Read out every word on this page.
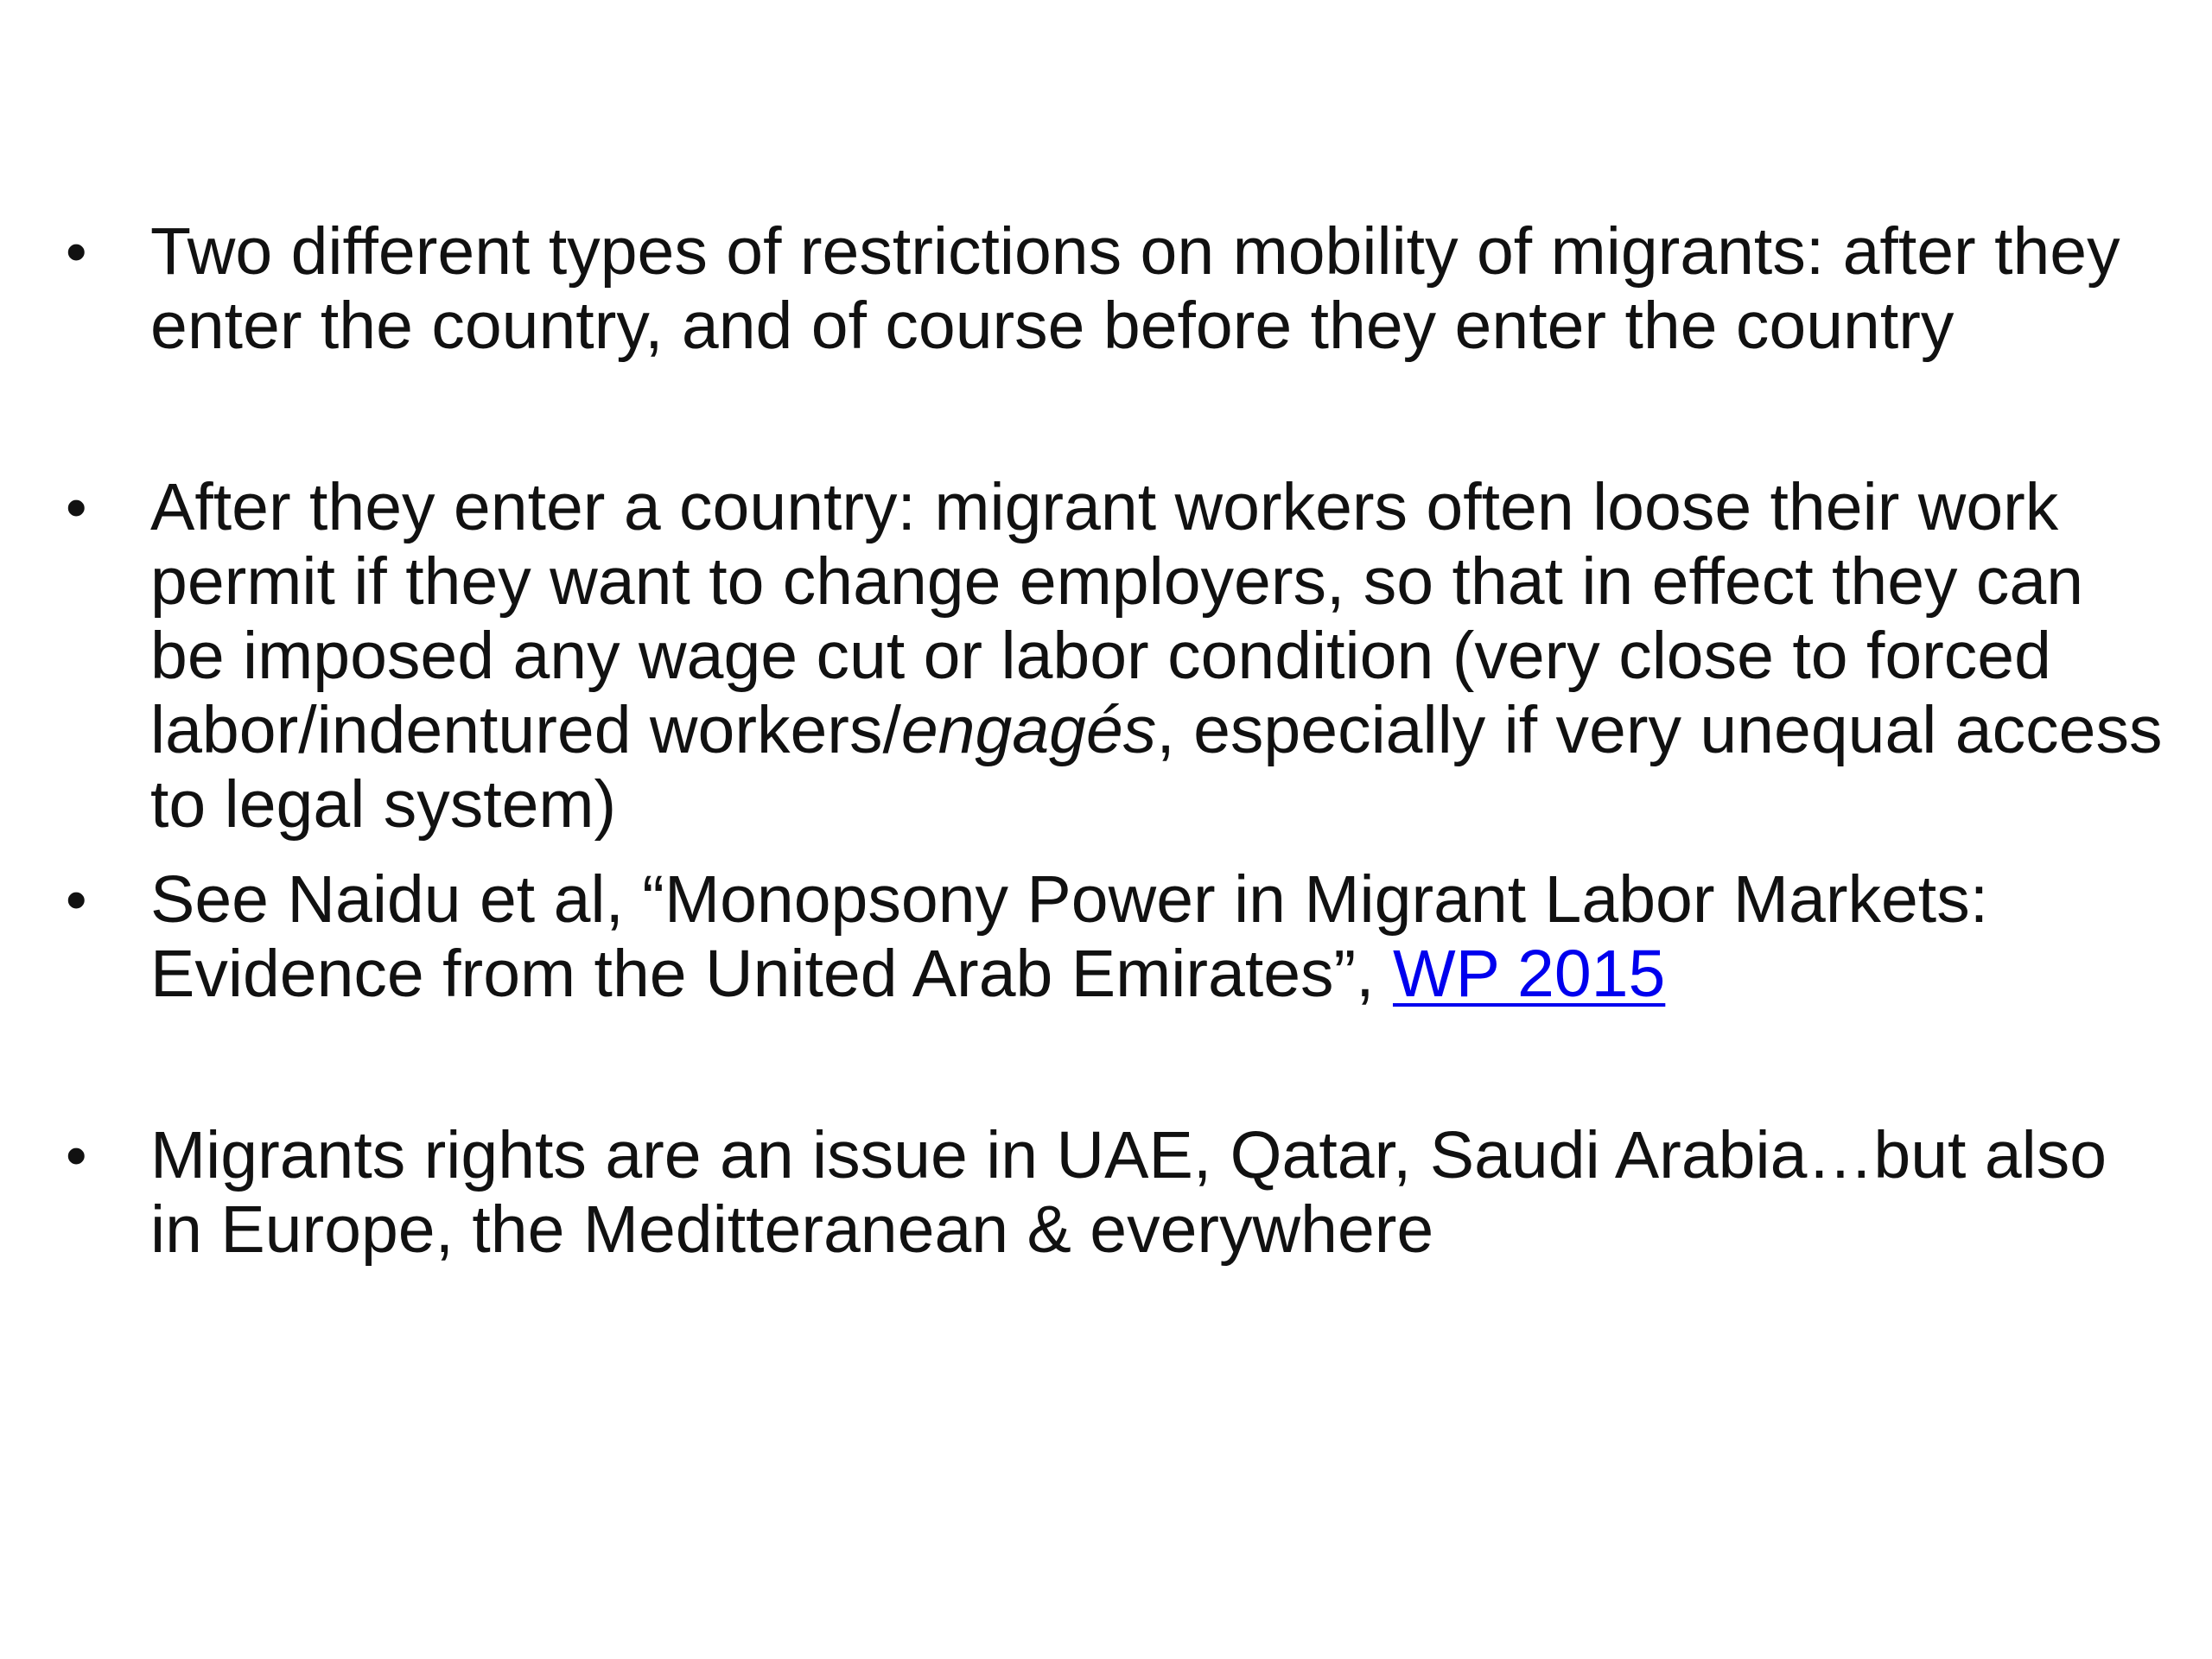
• Two different types of restrictions on mobility of migrants: after they enter the country, and of course before they enter the country
• After they enter a country: migrant workers often loose their work permit if they want to change employers, so that in effect they can be imposed any wage cut or labor condition (very close to forced labor/indentured workers/engagés, especially if very unequal access to legal system)
• See Naidu et al, “Monopsony Power in Migrant Labor Markets: Evidence from the United Arab Emirates”, WP 2015
• Migrants rights are an issue in UAE, Qatar, Saudi Arabia…but also in Europe, the Meditteranean & everywhere
